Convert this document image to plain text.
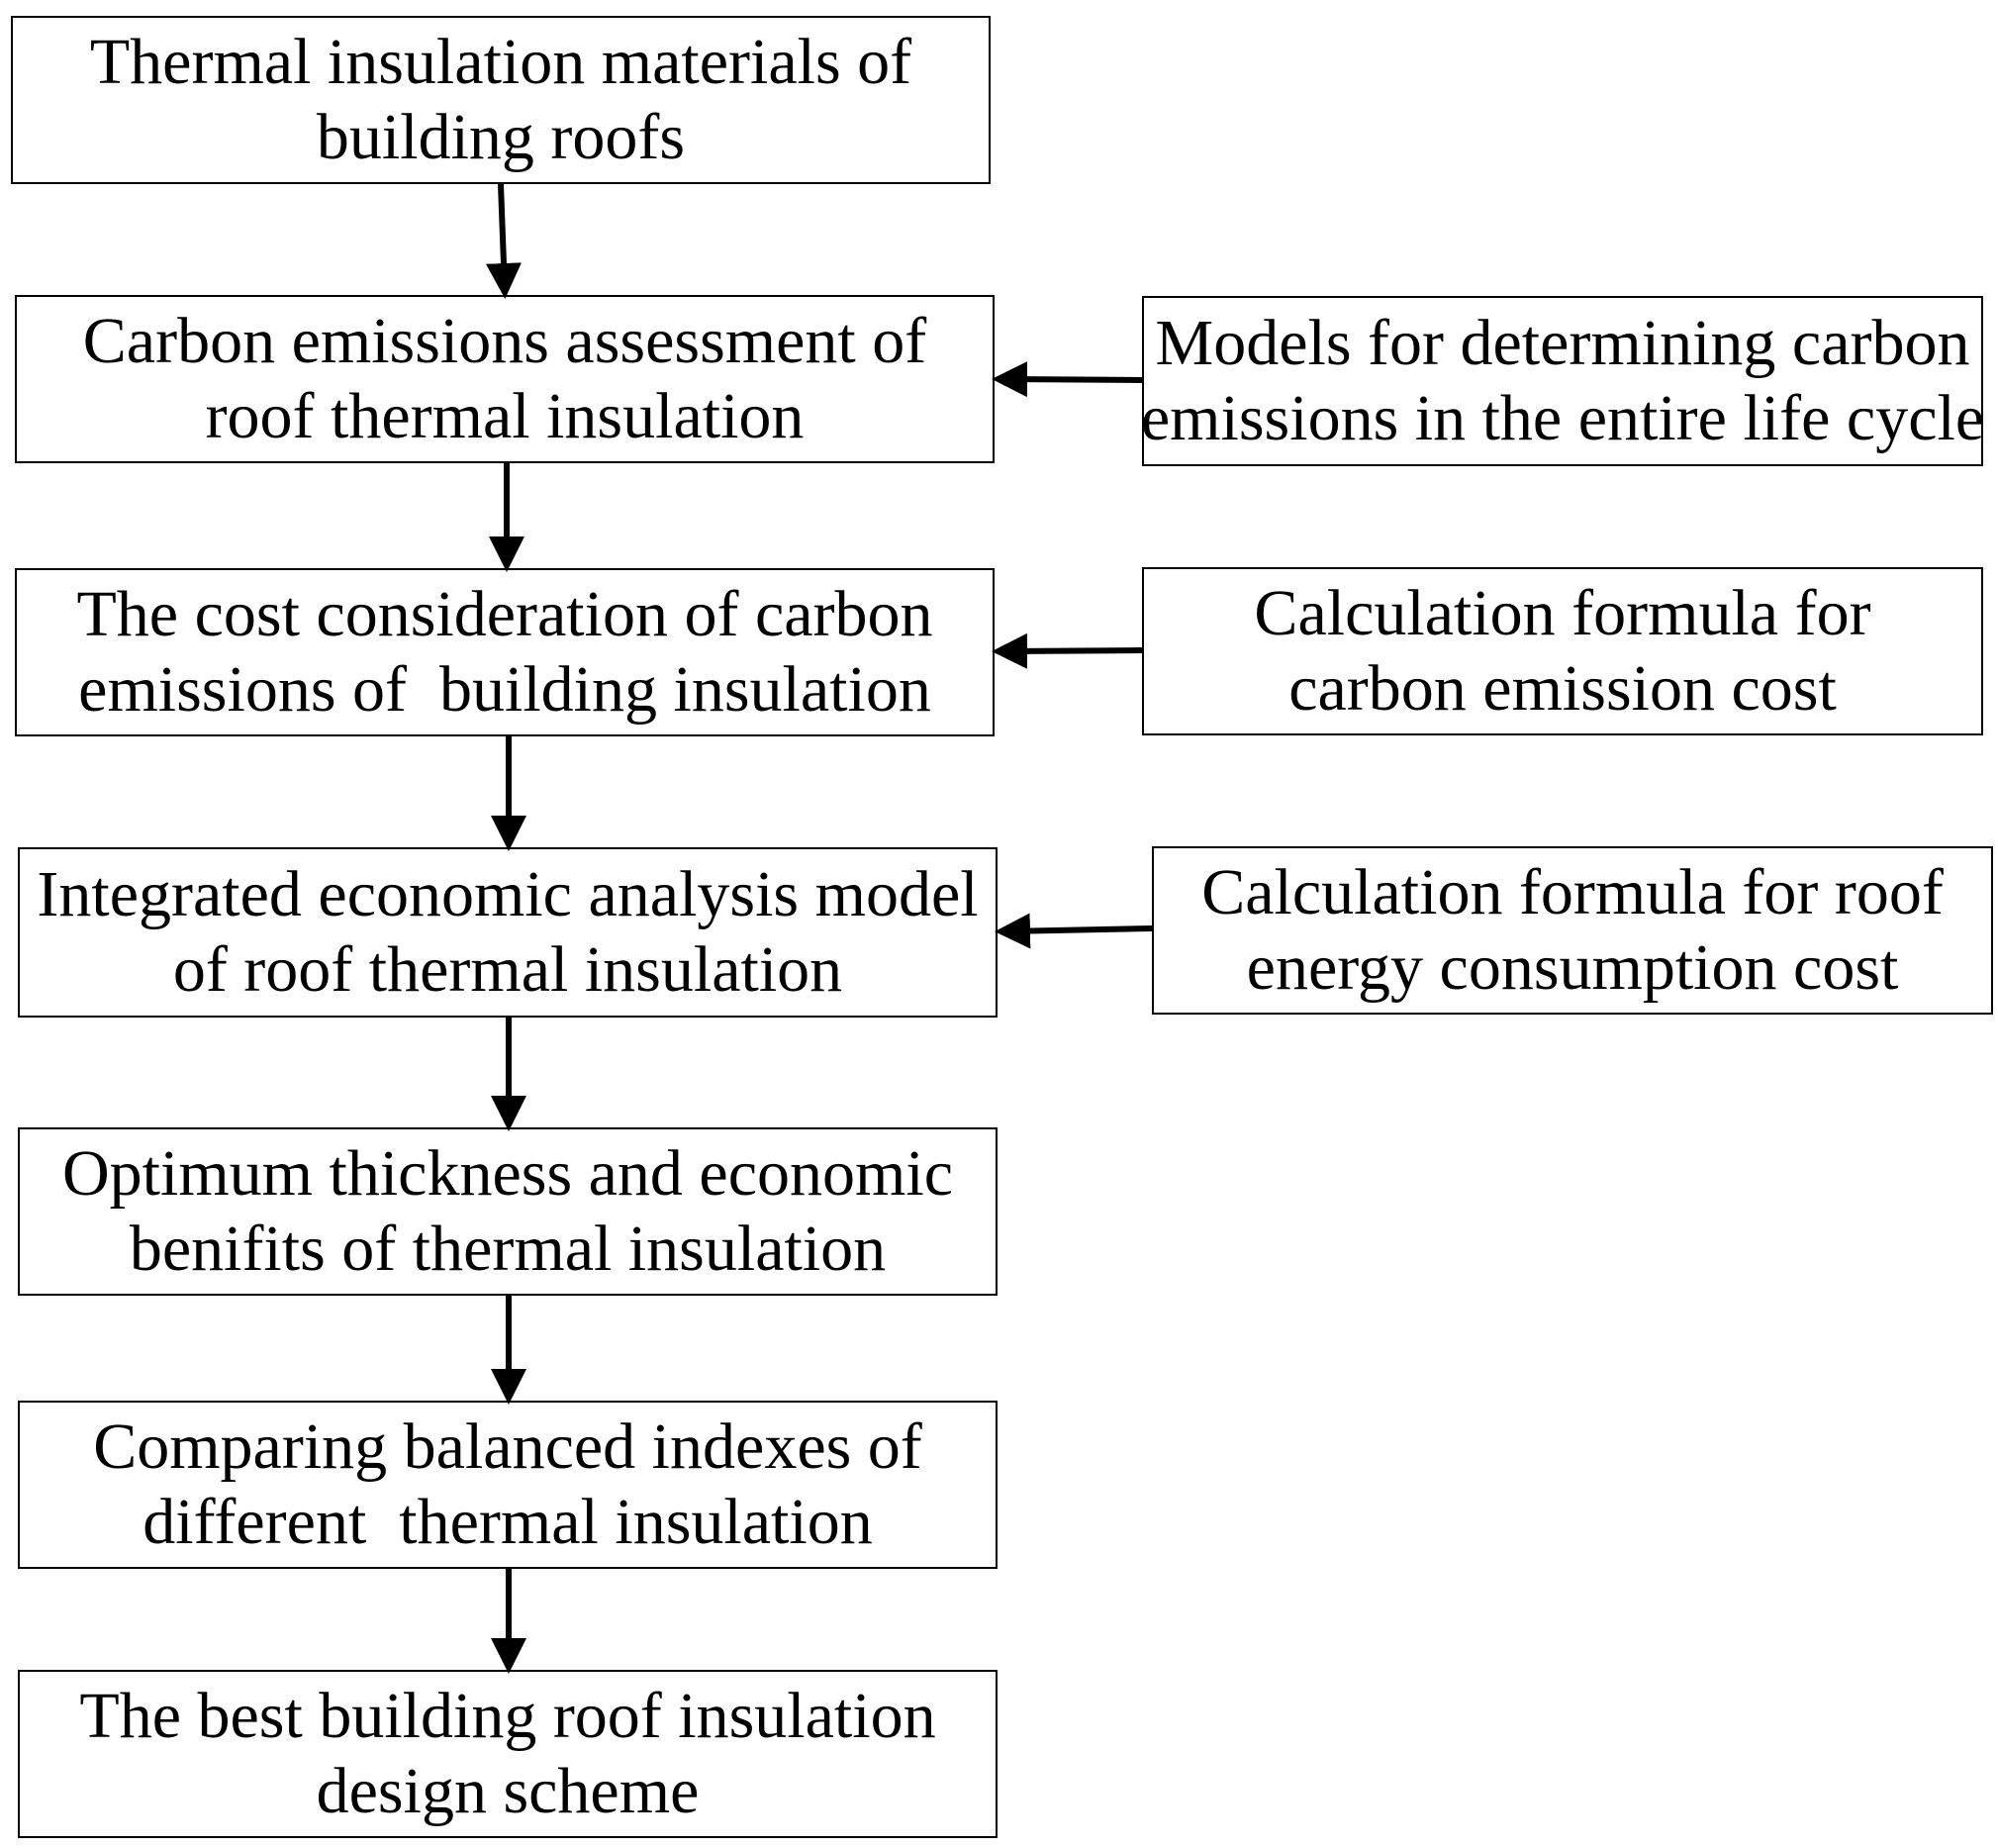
Thermal insulation materials of
building roofs
Carbon emissions assessment of
roof thermal insulation
The cost consideration of carbon
emissions of  building insulation
Integrated economic analysis model
of roof thermal insulation
Optimum thickness and economic
benifits of thermal insulation
Comparing balanced indexes of
different  thermal insulation
The best building roof insulation
design scheme
Models for determining carbon
emissions in the entire life cycle
Calculation formula for
carbon emission cost
Calculation formula for roof
energy consumption cost
